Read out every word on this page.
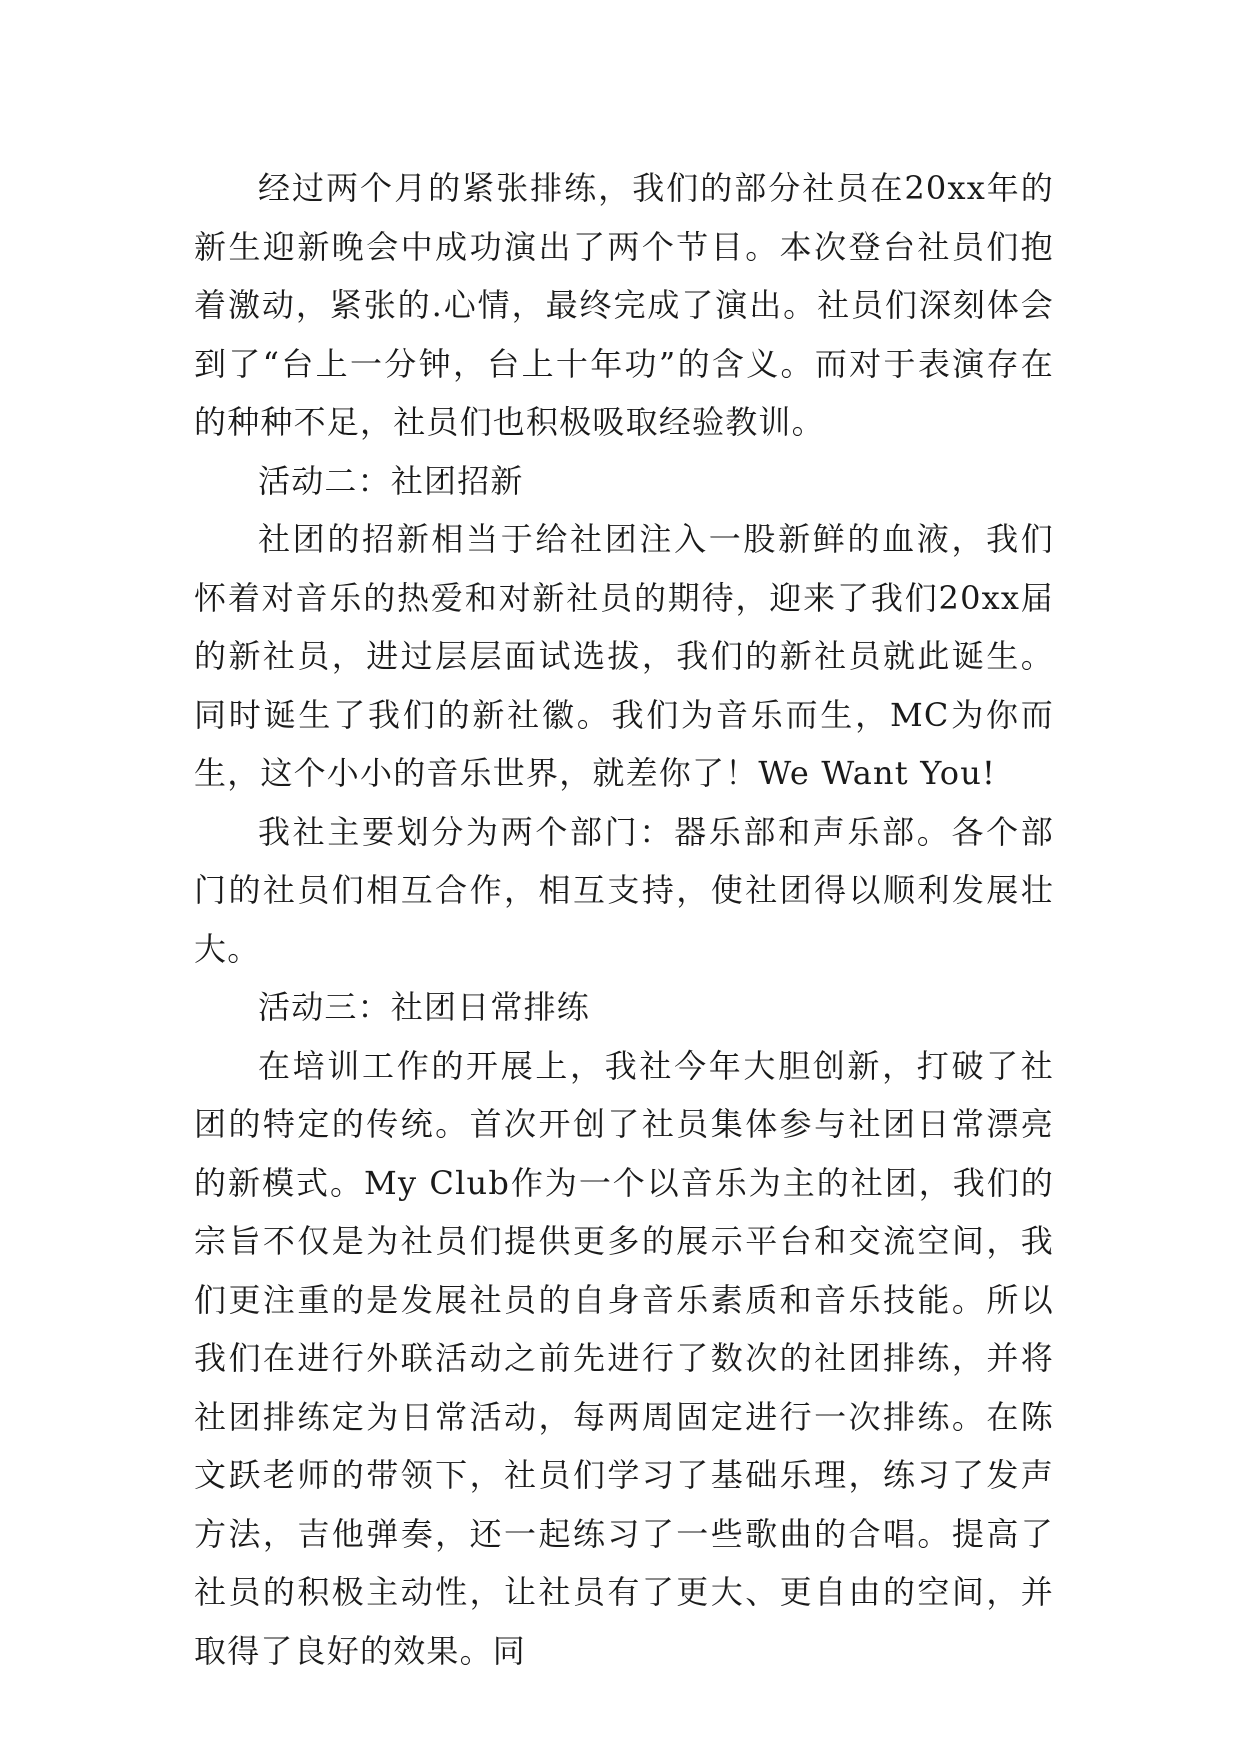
经过两个月的紧张排练，我们的部分社员在20xx年的新生迎新晚会中成功演出了两个节目。本次登台社员们抱着激动，紧张的.心情，最终完成了演出。社员们深刻体会到了“台上一分钟，台上十年功”的含义。而对于表演存在的种种不足，社员们也积极吸取经验教训。

活动二：社团招新

社团的招新相当于给社团注入一股新鲜的血液，我们怀着对音乐的热爱和对新社员的期待，迎来了我们20xx届的新社员，进过层层面试选拔，我们的新社员就此诞生。同时诞生了我们的新社徽。我们为音乐而生，MC为你而生，这个小小的音乐世界，就差你了！We Want You!

我社主要划分为两个部门：器乐部和声乐部。各个部门的社员们相互合作，相互支持，使社团得以顺利发展壮大。

活动三：社团日常排练

在培训工作的开展上，我社今年大胆创新，打破了社团的特定的传统。首次开创了社员集体参与社团日常漂亮的新模式。My Club作为一个以音乐为主的社团，我们的宗旨不仅是为社员们提供更多的展示平台和交流空间，我们更注重的是发展社员的自身音乐素质和音乐技能。所以我们在进行外联活动之前先进行了数次的社团排练，并将社团排练定为日常活动，每两周固定进行一次排练。在陈文跃老师的带领下，社员们学习了基础乐理，练习了发声方法，吉他弹奏，还一起练习了一些歌曲的合唱。提高了社员的积极主动性，让社员有了更大、更自由的空间，并取得了良好的效果。同
